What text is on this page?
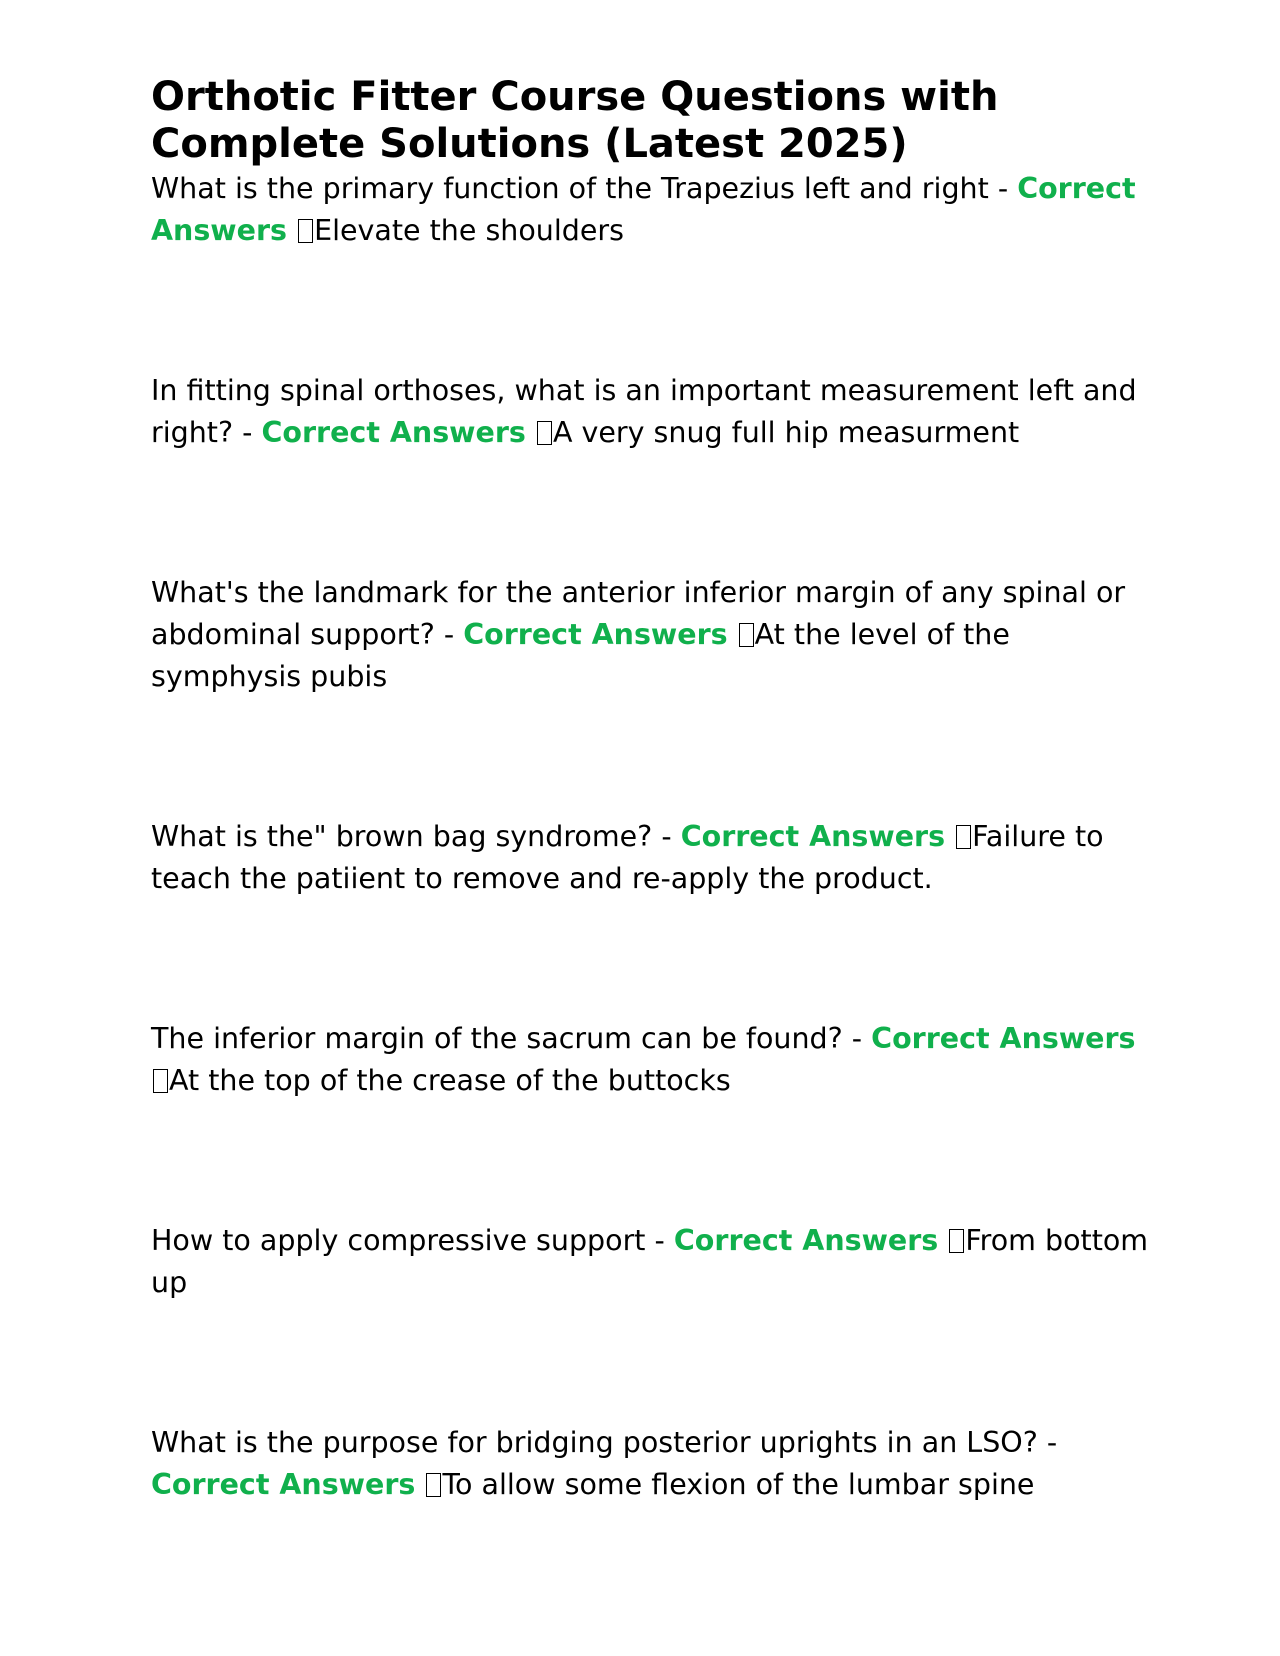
Orthotic Fitter Course Questions with Complete Solutions (Latest 2025)
What is the primary function of the Trapezius left and right - Correct Answers Elevate the shoulders
In fitting spinal orthoses, what is an important measurement left and right? - Correct Answers A very snug full hip measurment
What's the landmark for the anterior inferior margin of any spinal or abdominal support? - Correct Answers At the level of the symphysis pubis
What is the" brown bag syndrome? - Correct Answers Failure to teach the patiient to remove and re-apply the product.
The inferior margin of the sacrum can be found? - Correct Answers At the top of the crease of the buttocks
How to apply compressive support - Correct Answers From bottom up
What is the purpose for bridging posterior uprights in an LSO? - Correct Answers To allow some flexion of the lumbar spine
